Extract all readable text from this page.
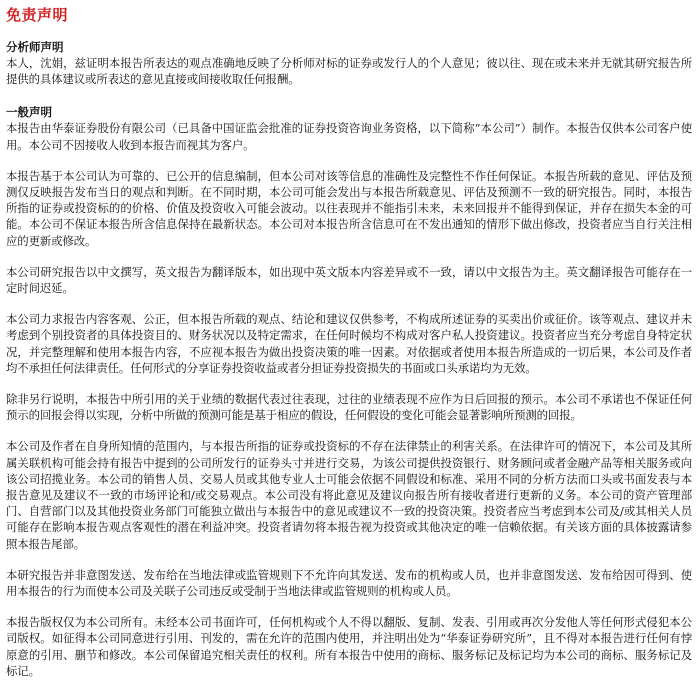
免责声明
分析师声明

本人，沈娟，兹证明本报告所表达的观点准确地反映了分析师对标的证券或发行人的个人意见；彼以往、现在或未来并无就其研究报告所提供的具体建议或所表迖的意见直接或间接收取任何报酬。

一般声明

本报告由华泰证券股份有限公司（已具备中国证监会批准的证券投资咨询业务资格，以下简称“本公司”）制作。本报告仅供本公司客户使用。本公司不因接收人收到本报告而视其为客户。

本报告基于本公司认为可靠的、已公开的信息编制，但本公司对该等信息的准确性及完整性不作任何保证。本报告所载的意见、评估及预测仅反映报告发布当日的观点和判断。在不同时期，本公司可能会发出与本报告所载意见、评估及预测不一致的研究报告。同时，本报告所指的证券或投资标的的价格、价值及投资收入可能会波动。以往表现并不能指引未来，未来回报并不能得到保证，并存在损失本金的可能。本公司不保证本报告所含信息保持在最新状态。本公司对本报告所含信息可在不发出通知的情形下做出修改，投资者应当自行关注相应的更新或修改。

本公司研究报告以中文撰写，英文报告为翻译版本，如出现中英文版本内容差异或不一致，请以中文报告为主。英文翻译报告可能存在一定时间迟延。

本公司力求报告内容客观、公正，但本报告所载的观点、结论和建议仅供参考，不构成所述证券的买卖出价或征价。该等观点、建议并未考虑到个别投资者的具体投资目的、财务状况以及特定需求，在任何时候均不构成对客户私人投资建议。投资者应当充分考虑自身特定状况，并完整理解和使用本报告内容，不应视本报告为做出投资决策的唯一因素。对依据或者使用本报告所造成的一切后果，本公司及作者均不承担任何法律责任。任何形式的分享证券投资收益或者分担证券投资损失的书面或口头承诺均为无效。

除非另行说明，本报告中所引用的关于业绩的数据代表过往表现，过往的业绩表现不应作为日后回报的预示。本公司不承诺也不保证任何预示的回报会得以实现，分析中所做的预测可能是基于相应的假设，任何假设的变化可能会显著影响所预测的回报。

本公司及作者在自身所知情的范围内，与本报告所指的证券或投资标的不存在法律禁止的利害关系。在法律许可的情况下，本公司及其所属关联机构可能会持有报告中提到的公司所发行的证券头寸并进行交易，为该公司提供投资银行、财务顾问或者金融产品等相关服务或向该公司招揽业务。本公司的销售人员、交易人员或其他专业人士可能会依据不同假设和标准、采用不同的分析方法而口头或书面发表与本报告意见及建议不一致的市场评论和/或交易观点。本公司没有将此意见及建议向报告所有接收者进行更新的义务。本公司的资产管理部门、自营部门以及其他投资业务部门可能独立做出与本报告中的意见或建议不一致的投资决策。投资者应当考虑到本公司及/或其相关人员可能存在影响本报告观点客观性的潜在利益冲突。投资者请勿将本报告视为投资或其他决定的唯一信赖依据。有关该方面的具体披露请参照本报告尾部。

本研究报告并非意图发送、发布给在当地法律或监管规则下不允许向其发送、发布的机构或人员，也并非意图发送、发布给因可得到、使用本报告的行为而使本公司及关联子公司违反或受制于当地法律或监管规则的机构或人员。

本报告版权仅为本公司所有。未经本公司书面许可，任何机构或个人不得以翻版、复制、发表、引用或再次分发他人等任何形式侵犯本公司版权。如征得本公司同意进行引用、刊发的，需在允许的范围内使用，并注明出处为“华泰证券研究所”，且不得对本报告进行任何有悖原意的引用、删节和修改。本公司保留追究相关责任的权利。所有本报告中使用的商标、服务标记及标记均为本公司的商标、服务标记及标记。
